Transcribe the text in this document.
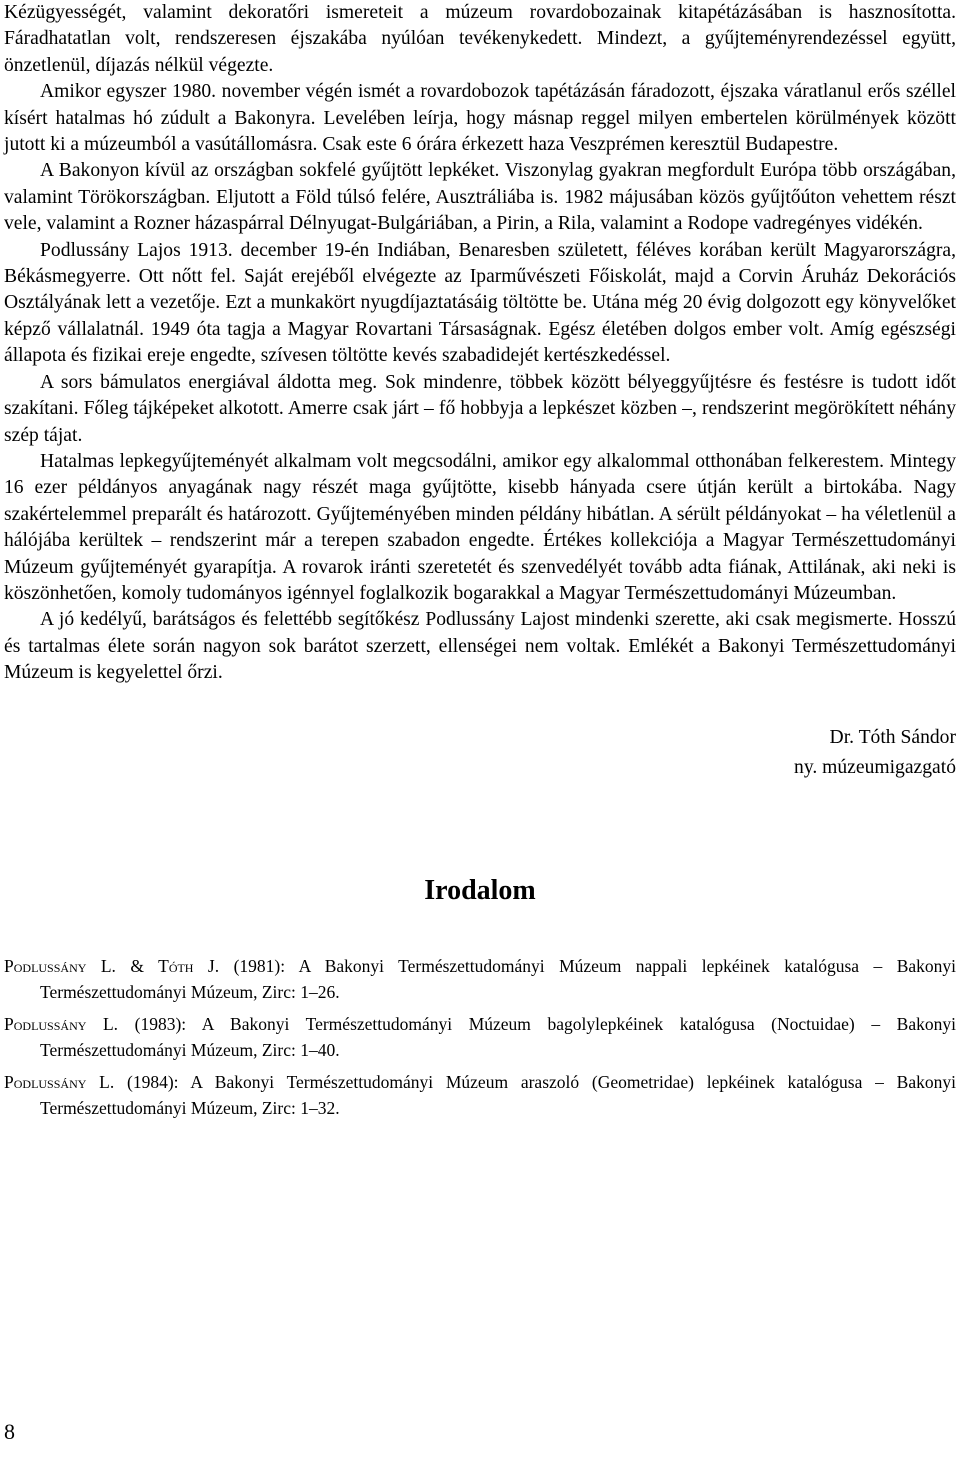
Kézügyességét, valamint dekoratőri ismereteit a múzeum rovardobozainak kitapétázásában is hasznosította. Fáradhatatlan volt, rendszeresen éjszakába nyúlóan tevékenykedett. Mindezt, a gyűjteményrendezéssel együtt, önzetlenül, díjazás nélkül végezte.

Amikor egyszer 1980. november végén ismét a rovardobozok tapétázásán fáradozott, éjszaka váratlanul erős széllel kísért hatalmas hó zúdult a Bakonyra. Levelében leírja, hogy másnap reggel milyen embertelen körülmények között jutott ki a múzeumból a vasútállomásra. Csak este 6 órára érkezett haza Veszprémen keresztül Budapestre.

A Bakonyon kívül az országban sokfelé gyűjtött lepkéket. Viszonylag gyakran megfordult Európa több országában, valamint Törökországban. Eljutott a Föld túlsó felére, Ausztráliába is. 1982 májusában közös gyűjtőúton vehettem részt vele, valamint a Rozner házaspárral Délnyugat-Bulgáriában, a Pirin, a Rila, valamint a Rodope vadregényes vidékén.

Podlussány Lajos 1913. december 19-én Indiában, Benaresben született, féléves korában került Magyarországra, Békásmegyerre. Ott nőtt fel. Saját erejéből elvégezte az Iparművészeti Főiskolát, majd a Corvin Áruház Dekorációs Osztályának lett a vezetője. Ezt a munkakört nyugdíjaztatásáig töltötte be. Utána még 20 évig dolgozott egy könyvelőket képző vállalatnál. 1949 óta tagja a Magyar Rovartani Társaságnak. Egész életében dolgos ember volt. Amíg egészségi állapota és fizikai ereje engedte, szívesen töltötte kevés szabadidejét kertészkedéssel.

A sors bámulatos energiával áldotta meg. Sok mindenre, többek között bélyeggyűjtésre és festésre is tudott időt szakítani. Főleg tájképeket alkotott. Amerre csak járt – fő hobbyja a lepkészet közben –, rendszerint megörökített néhány szép tájat.

Hatalmas lepkegyűjteményét alkalmam volt megcsodálni, amikor egy alkalommal otthonában felkerestem. Mintegy 16 ezer példányos anyagának nagy részét maga gyűjtötte, kisebb hányada csere útján került a birtokába. Nagy szakértelemmel preparált és határozott. Gyűjteményében minden példány hibátlan. A sérült példányokat – ha véletlenül a hálójába kerültek – rendszerint már a terepen szabadon engedte. Értékes kollekciója a Magyar Természettudományi Múzeum gyűjteményét gyarapítja. A rovarok iránti szeretetét és szenvedélyét tovább adta fiának, Attilának, aki neki is köszönhetően, komoly tudományos igénnyel foglalkozik bogarakkal a Magyar Természettudományi Múzeumban.

A jó kedélyű, barátságos és felettébb segítőkész Podlussány Lajost mindenki szerette, aki csak megismerte. Hosszú és tartalmas élete során nagyon sok barátot szerzett, ellenségei nem voltak. Emlékét a Bakonyi Természettudományi Múzeum is kegyelettel őrzi.

Dr. Tóth Sándor
ny. múzeumigazgató
Irodalom

Podlussány L. & Tóth J. (1981): A Bakonyi Természettudományi Múzeum nappali lepkéinek katalógusa – Bakonyi Természettudományi Múzeum, Zirc: 1–26.

Podlussány L. (1983): A Bakonyi Természettudományi Múzeum bagolylepkéinek katalógusa (Noctuidae) – Bakonyi Természettudományi Múzeum, Zirc: 1–40.

Podlussány L. (1984): A Bakonyi Természettudományi Múzeum araszoló (Geometridae) lepkéinek katalógusa – Bakonyi Természettudományi Múzeum, Zirc: 1–32.

8
